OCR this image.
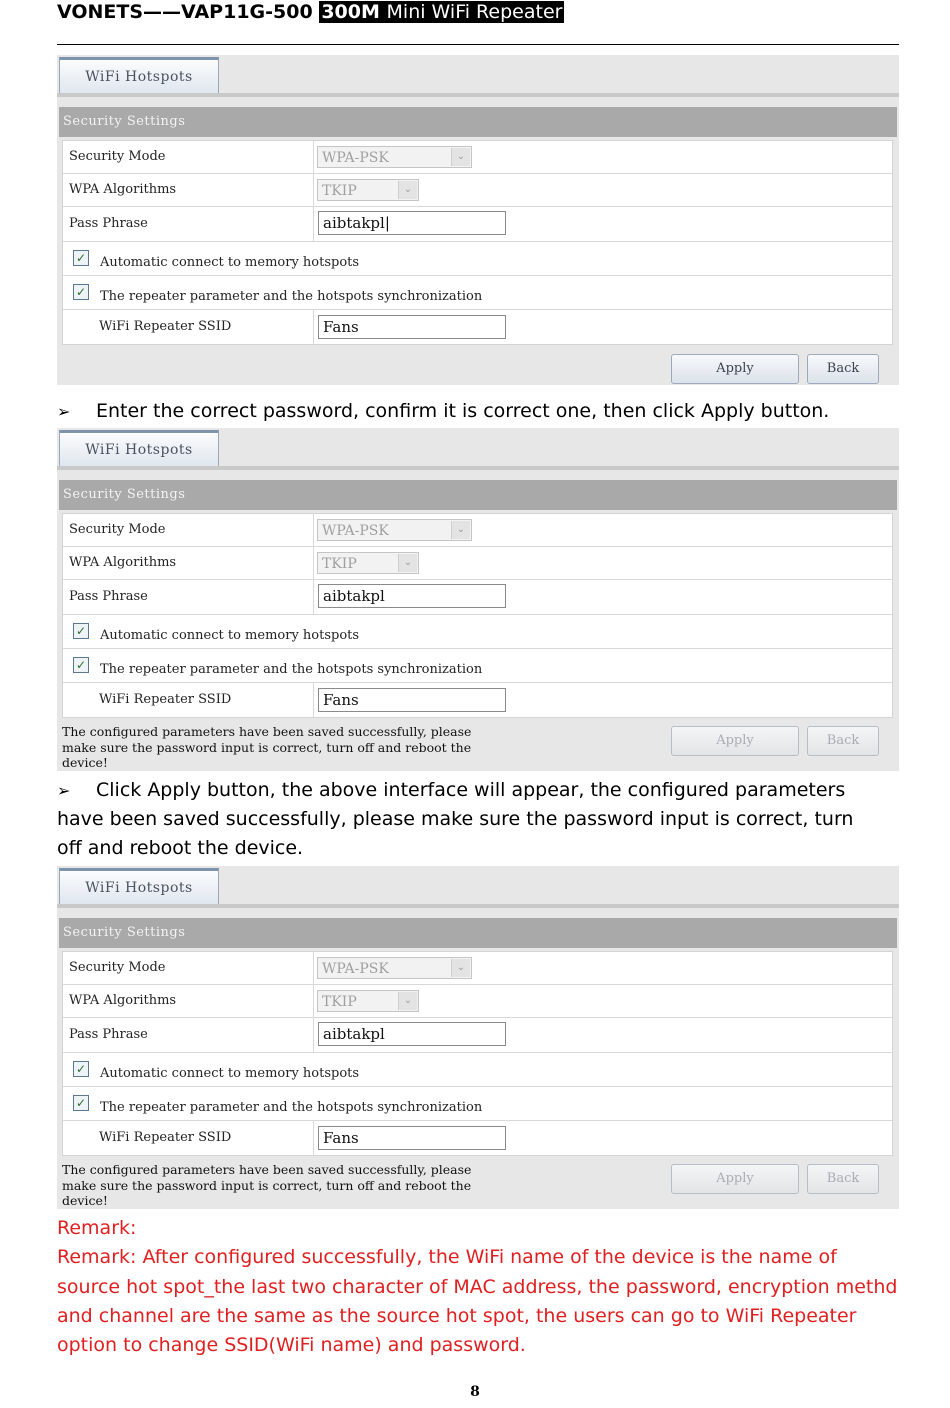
VONETS——VAP11G-500 300M Mini WiFi Repeater
WiFi Hotspots
Security Settings
Security Mode	WPA-PSK	⌄
WPA Algorithms	TKIP	⌄
Pass Phrase	aibtakpl|
✓ Automatic connect to memory hotspots
✓ The repeater parameter and the hotspots synchronization
WiFi Repeater SSID	Fans
Apply	Back
➢ Enter the correct password, confirm it is correct one, then click Apply button.
WiFi Hotspots
Security Settings
Security Mode	WPA-PSK	⌄
WPA Algorithms	TKIP	⌄
Pass Phrase	aibtakpl
✓ Automatic connect to memory hotspots
✓ The repeater parameter and the hotspots synchronization
WiFi Repeater SSID	Fans
The configured parameters have been saved successfully, please
make sure the password input is correct, turn off and reboot the
device!
Apply	Back
➢ Click Apply button, the above interface will appear, the configured parameters
have been saved successfully, please make sure the password input is correct, turn
off and reboot the device.
WiFi Hotspots
Security Settings
Security Mode	WPA-PSK	⌄
WPA Algorithms	TKIP	⌄
Pass Phrase	aibtakpl
✓ Automatic connect to memory hotspots
✓ The repeater parameter and the hotspots synchronization
WiFi Repeater SSID	Fans
The configured parameters have been saved successfully, please
make sure the password input is correct, turn off and reboot the
device!
Apply	Back
Remark:
Remark: After configured successfully, the WiFi name of the device is the name of
source hot spot_the last two character of MAC address, the password, encryption methd
and channel are the same as the source hot spot, the users can go to WiFi Repeater
option to change SSID(WiFi name) and password.
8
